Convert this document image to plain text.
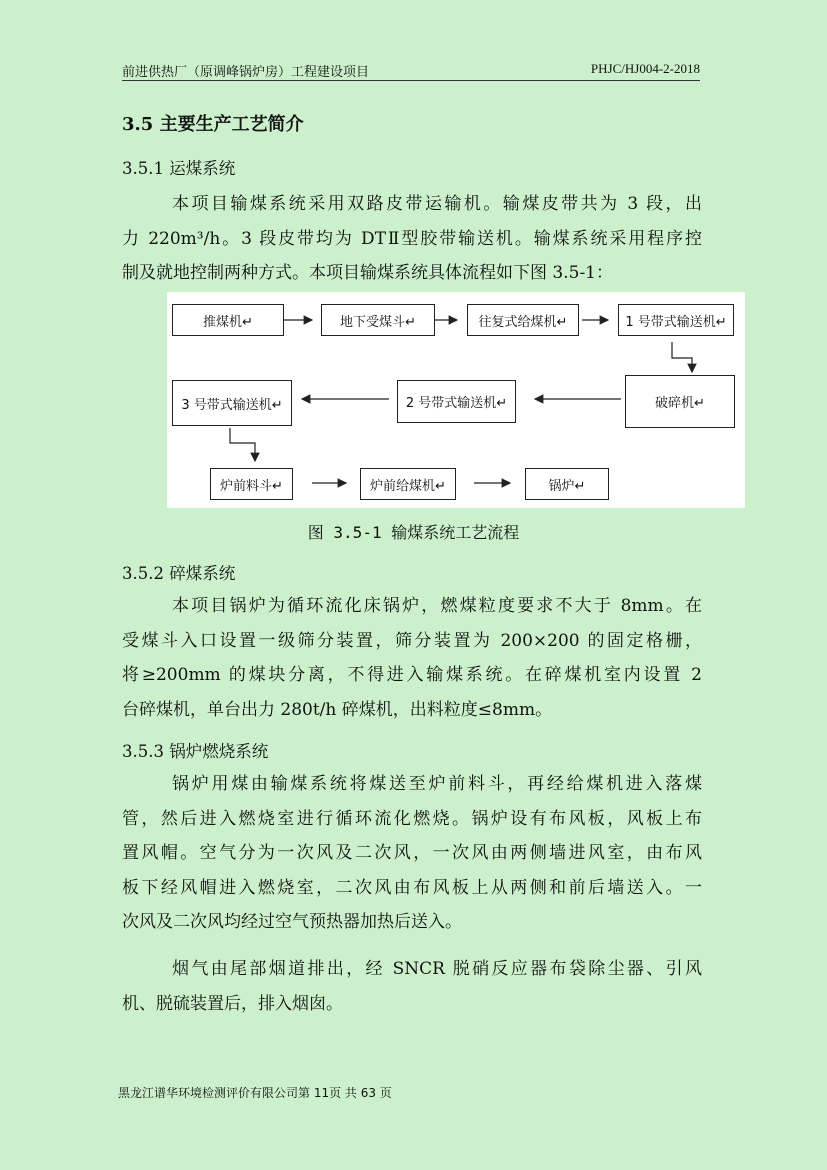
前进供热厂（原调峰锅炉房）工程建设项目	PHJC/HJ004-2-2018
3.5 主要生产工艺简介
3.5.1 运煤系统
本项目输煤系统采用双路皮带运输机。输煤皮带共为 3 段，出
力 220m³/h。3 段皮带均为 DTⅡ型胶带输送机。输煤系统采用程序控
制及就地控制两种方式。本项目输煤系统具体流程如下图 3.5-1：
推煤机↵	地下受煤斗↵	往复式给煤机↵	1 号带式输送机↵
破碎机↵
2 号带式输送机↵
3 号带式输送机↵
炉前料斗↵	炉前给煤机↵	锅炉↵
图 3.5-1 输煤系统工艺流程
3.5.2 碎煤系统
本项目锅炉为循环流化床锅炉，燃煤粒度要求不大于 8mm。在
受煤斗入口设置一级筛分装置，筛分装置为 200×200 的固定格栅，
将≥200mm 的煤块分离，不得进入输煤系统。在碎煤机室内设置 2
台碎煤机，单台出力 280t/h 碎煤机，出料粒度≤8mm。
3.5.3 锅炉燃烧系统
锅炉用煤由输煤系统将煤送至炉前料斗，再经给煤机进入落煤
管，然后进入燃烧室进行循环流化燃烧。锅炉设有布风板，风板上布
置风帽。空气分为一次风及二次风，一次风由两侧墙进风室，由布风
板下经风帽进入燃烧室，二次风由布风板上从两侧和前后墙送入。一
次风及二次风均经过空气预热器加热后送入。
烟气由尾部烟道排出，经 SNCR 脱硝反应器布袋除尘器、引风
机、脱硫装置后，排入烟囱。
黑龙江谱华环境检测评价有限公司第 11页 共 63 页
